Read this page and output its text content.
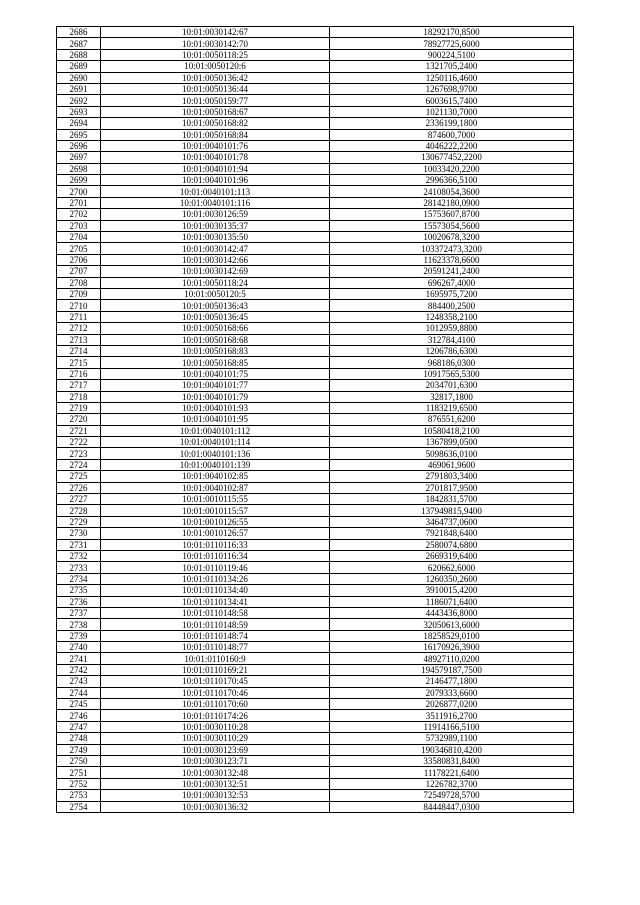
2686	10:01:0030142:67	18292170,8500
2687	10:01:0030142:70	78927725,6000
2688	10:01:0050118:25	900224,5100
2689	10:01:0050120:6	1321705,2400
2690	10:01:0050136:42	1250116,4600
2691	10:01:0050136:44	1267698,9700
2692	10:01:0050159:77	6003615,7400
2693	10:01:0050168:67	1021130,7000
2694	10:01:0050168:82	2336199,1800
2695	10:01:0050168:84	874600,7000
2696	10:01:0040101:76	4046222,2200
2697	10:01:0040101:78	130677452,2200
2698	10:01:0040101:94	10033420,2200
2699	10:01:0040101:96	2996366,5100
2700	10:01:0040101:113	24108054,3600
2701	10:01:0040101:116	28142180,0900
2702	10:01:0030126:59	15753607,8700
2703	10:01:0030135:37	15573054,5600
2704	10:01:0030135:50	10020678,3200
2705	10:01:0030142:47	103372473,3200
2706	10:01:0030142:66	11623378,6600
2707	10:01:0030142:69	20591241,2400
2708	10:01:0050118:24	696267,4000
2709	10:01:0050120:5	1695975,7200
2710	10:01:0050136:43	884400,2500
2711	10:01:0050136:45	1248358,2100
2712	10:01:0050168:66	1012959,8800
2713	10:01:0050168:68	312784,4100
2714	10:01:0050168:83	1206786,6300
2715	10:01:0050168:85	968186,0300
2716	10:01:0040101:75	10917565,5300
2717	10:01:0040101:77	2034701,6300
2718	10:01:0040101:79	32817,1800
2719	10:01:0040101:93	1183219,6500
2720	10:01:0040101:95	876551,6200
2721	10:01:0040101:112	10580418,2100
2722	10:01:0040101:114	1367899,0500
2723	10:01:0040101:136	5098636,0100
2724	10:01:0040101:139	469061,9600
2725	10:01:0040102:85	2791803,3400
2726	10:01:0040102:87	2701817,9500
2727	10:01:0010115:55	1842831,5700
2728	10:01:0010115:57	137949815,9400
2729	10:01:0010126:55	3464737,0600
2730	10:01:0010126:57	7921848,6400
2731	10:01:0110116:33	2580074,6800
2732	10:01:0110116:34	2669319,6400
2733	10:01:0110119:46	620662,6000
2734	10:01:0110134:26	1260350,2600
2735	10:01:0110134:40	3910015,4200
2736	10:01:0110134:41	1186071,6400
2737	10:01:0110148:58	4443436,8000
2738	10:01:0110148:59	32050613,6000
2739	10:01:0110148:74	18258529,0100
2740	10:01:0110148:77	16170926,3900
2741	10:01:0110160:9	48927110,0200
2742	10:01:0110169:21	194579187,7500
2743	10:01:0110170:45	2146477,1800
2744	10:01:0110170:46	2079333,6600
2745	10:01:0110170:60	2026877,0200
2746	10:01:0110174:26	3511916,2700
2747	10:01:0030110:28	11914166,5100
2748	10:01:0030110:29	5732989,1100
2749	10:01:0030123:69	190346810,4200
2750	10:01:0030123:71	33580831,8400
2751	10:01:0030132:48	11178221,6400
2752	10:01:0030132:51	1226782,3700
2753	10:01:0030132:53	72549728,5700
2754	10:01:0030136:32	84448447,0300
